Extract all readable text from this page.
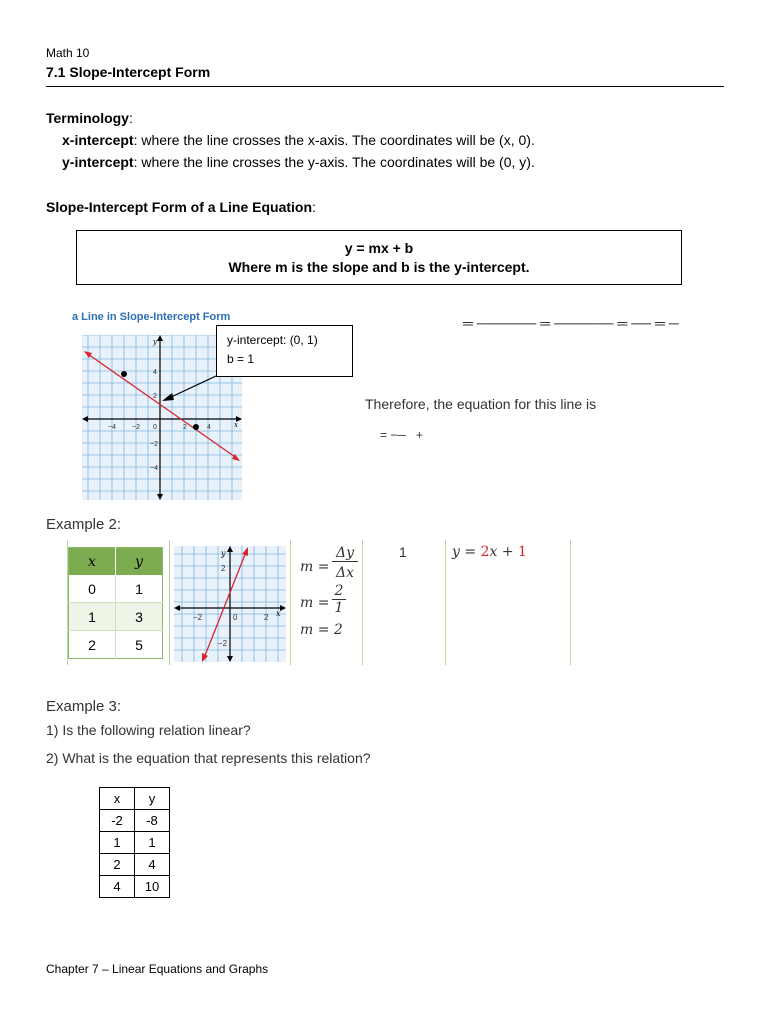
Math 10
7.1 Slope-Intercept Form
Terminology:
x-intercept: where the line crosses the x-axis. The coordinates will be (x, 0).
y-intercept: where the line crosses the y-axis. The coordinates will be (0, y).
Slope-Intercept Form of a Line Equation:
y = mx + b
Where m is the slope and b is the y-intercept.
a Line in Slope-Intercept Form
−4 −2 0	2	4
4
2
−2
−4
x
y	y-intercept: (0, 1)
b = 1
═ ────── ═ ────── ═ ── ═ ─
Therefore, the equation for this line is
= −─   +
Example 2:
x	y
0	1
1	3
2	5
−2	0	2
2
−2
x
y
m =
Δy
Δx
m =
2
1
m = 2
1	y = 2x + 1
Example 3:
1) Is the following relation linear?
2) What is the equation that represents this relation?
x	y
-2	-8
1	1
2	4
4	10
Chapter 7 – Linear Equations and Graphs
